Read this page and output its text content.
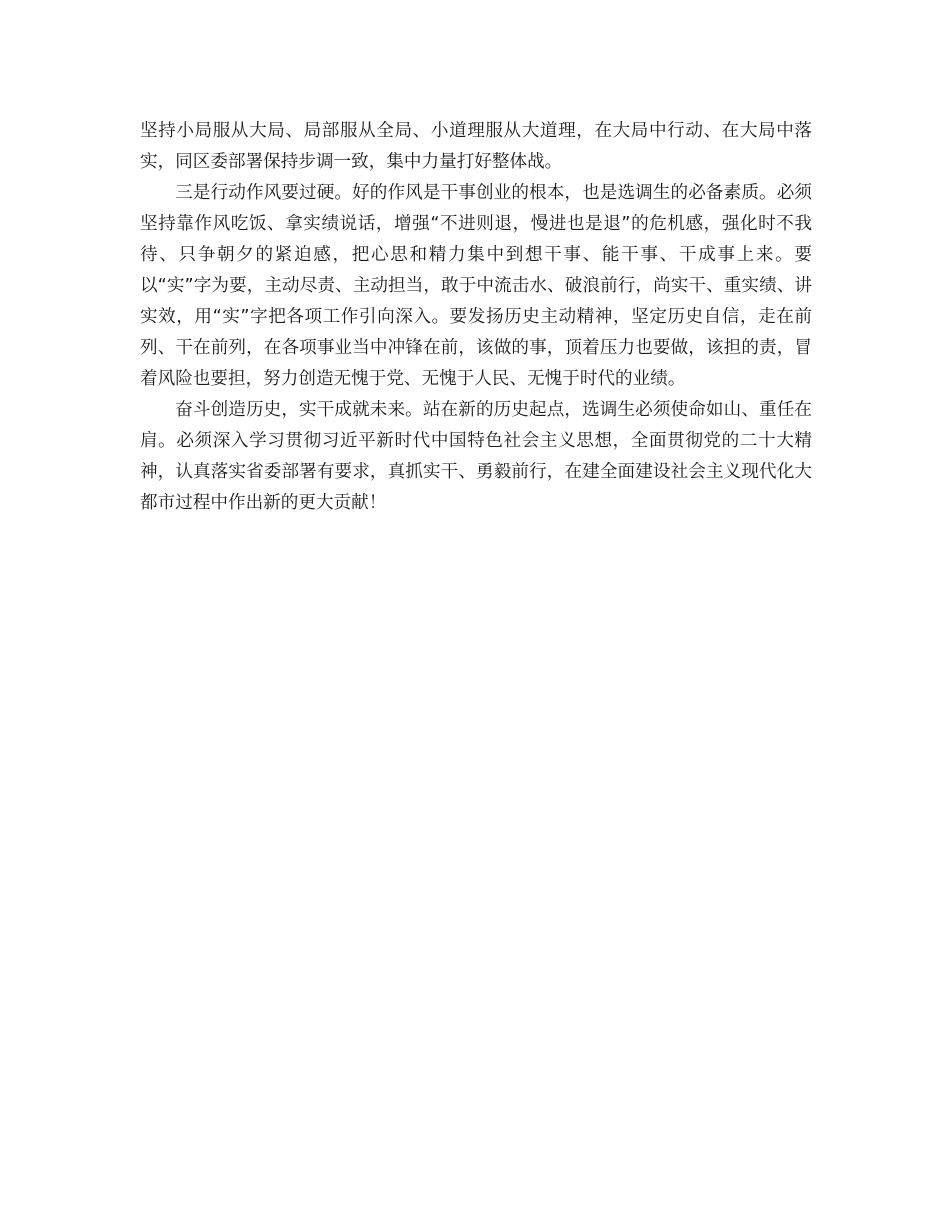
坚持小局服从大局、局部服从全局、小道理服从大道理，在大局中行动、在大局中落实，同区委部署保持步调一致，集中力量打好整体战。

三是行动作风要过硬。好的作风是干事创业的根本，也是选调生的必备素质。必须坚持靠作风吃饭、拿实绩说话，增强“不进则退，慢进也是退”的危机感，强化时不我待、只争朝夕的紧迫感，把心思和精力集中到想干事、能干事、干成事上来。要以“实”字为要，主动尽责、主动担当，敢于中流击水、破浪前行，尚实干、重实绩、讲实效，用“实”字把各项工作引向深入。要发扬历史主动精神，坚定历史自信，走在前列、干在前列，在各项事业当中冲锋在前，该做的事，顶着压力也要做，该担的责，冒着风险也要担，努力创造无愧于党、无愧于人民、无愧于时代的业绩。

奋斗创造历史，实干成就未来。站在新的历史起点，选调生必须使命如山、重任在肩。必须深入学习贯彻习近平新时代中国特色社会主义思想，全面贯彻党的二十大精神，认真落实省委部署有要求，真抓实干、勇毅前行，在建全面建设社会主义现代化大都市过程中作出新的更大贡献！
